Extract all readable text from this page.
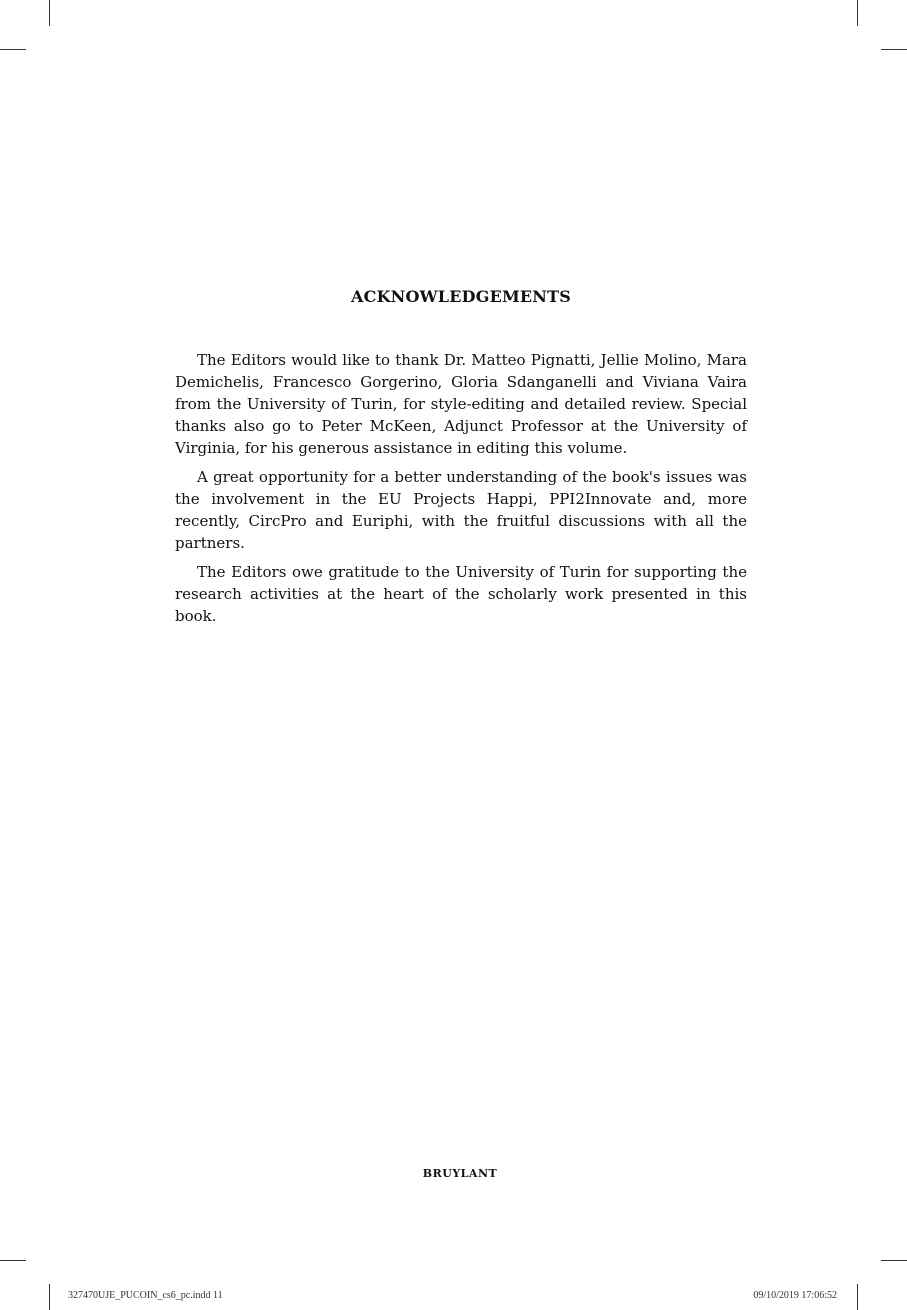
ACKNOWLEDGEMENTS

The Editors would like to thank Dr. Matteo Pignatti, Jellie Molino, Mara Demichelis, Francesco Gorgerino, Gloria Sdanganelli and Viviana Vaira from the University of Turin, for style-editing and detailed review. Special thanks also go to Peter McKeen, Adjunct Professor at the University of Virginia, for his generous assistance in editing this volume.

A great opportunity for a better understanding of the book's issues was the involvement in the EU Projects Happi, PPI2Innovate and, more recently, CircPro and Euriphi, with the fruitful discussions with all the partners.

The Editors owe gratitude to the University of Turin for supporting the research activities at the heart of the scholarly work presented in this book.

BRUYLANT
327470UJE_PUCOIN_cs6_pc.indd 11	09/10/2019 17:06:52
